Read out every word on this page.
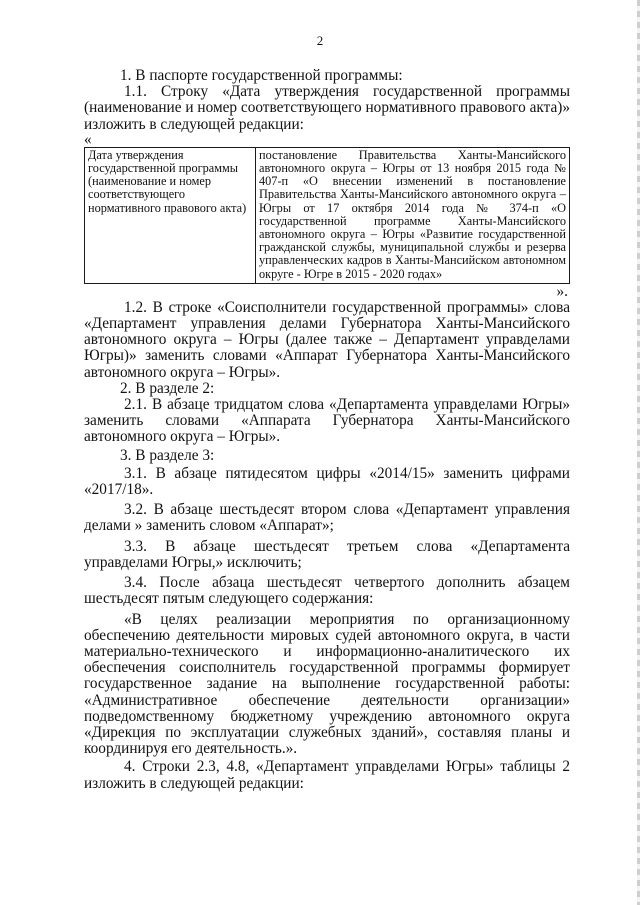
2

1. В паспорте государственной программы:

1.1. Строку «Дата утверждения государственной программы (наименование и номер соответствующего нормативного правового акта)» изложить в следующей редакции:

«

Дата утверждения государственной программы (наименование и номер соответствующего нормативного правового акта)	постановление Правительства Ханты-Мансийского автономного округа – Югры от 13 ноября 2015 года № 407-п «О внесении изменений в постановление Правительства Ханты-Мансийского автономного округа – Югры от 17 октября 2014 года № 374-п «О государственной программе Ханты-Мансийского автономного округа – Югры «Развитие государственной гражданской службы, муниципальной службы и резерва управленческих кадров в Ханты-Мансийском автономном округе - Югре в 2015 - 2020 годах»

».

1.2. В строке «Соисполнители государственной программы» слова «Департамент управления делами Губернатора Ханты-Мансийского автономного округа – Югры (далее также – Департамент управделами Югры)» заменить словами «Аппарат Губернатора Ханты-Мансийского автономного округа – Югры».

2. В разделе 2:

2.1. В абзаце тридцатом слова «Департамента управделами Югры» заменить словами «Аппарата Губернатора Ханты-Мансийского автономного округа – Югры».

3. В разделе 3:

3.1. В абзаце пятидесятом цифры «2014/15» заменить цифрами «2017/18».

3.2. В абзаце шестьдесят втором слова «Департамент управления делами » заменить словом «Аппарат»;

3.3. В абзаце шестьдесят третьем слова «Департамента управделами Югры,» исключить;

3.4. После абзаца шестьдесят четвертого дополнить абзацем шестьдесят пятым следующего содержания:

«В целях реализации мероприятия по организационному обеспечению деятельности мировых судей автономного округа, в части материально-технического и информационно-аналитического их обеспечения соисполнитель государственной программы формирует государственное задание на выполнение государственной работы: «Административное обеспечение деятельности организации» подведомственному бюджетному учреждению автономного округа «Дирекция по эксплуатации служебных зданий», составляя планы и координируя его деятельность.».

4. Строки 2.3, 4.8, «Департамент управделами Югры» таблицы 2 изложить в следующей редакции:
